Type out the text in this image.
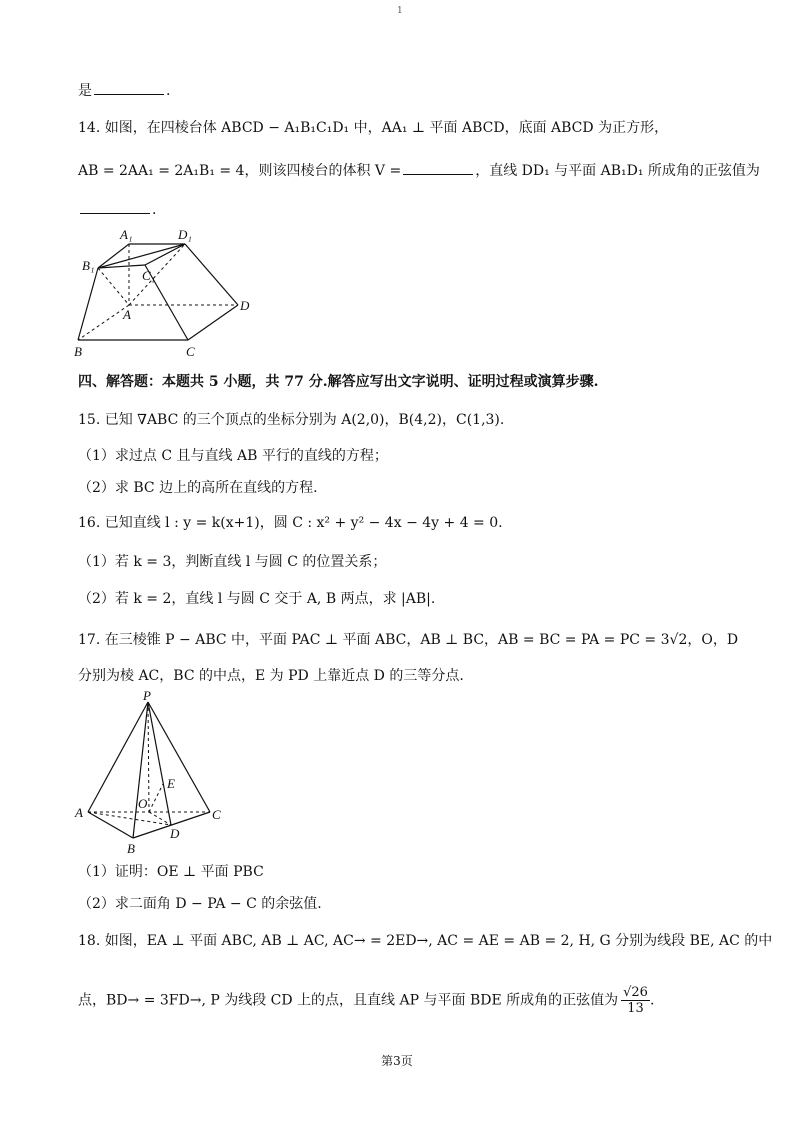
1
是	.
14. 如图，在四棱台体 ABCD − A₁B₁C₁D₁ 中，AA₁ ⊥ 平面 ABCD，底面 ABCD 为正方形，
AB = 2AA₁ = 2A₁B₁ = 4，则该四棱台的体积 V =	，直线 DD₁ 与平面 AB₁D₁ 所成角的正弦值为
.
A₁	D₁
B₁
C₁
A
D
B	C
四、解答题：本题共 5 小题，共 77 分.解答应写出文字说明、证明过程或演算步骤.
15. 已知 ∇ABC 的三个顶点的坐标分别为 A(2,0)，B(4,2)，C(1,3).
（1）求过点 C 且与直线 AB 平行的直线的方程；
（2）求 BC 边上的高所在直线的方程.
16. 已知直线 l : y = k(x+1)，圆 C : x² + y² − 4x − 4y + 4 = 0.
（1）若 k = 3，判断直线 l 与圆 C 的位置关系；
（2）若 k = 2，直线 l 与圆 C 交于 A, B 两点，求 |AB|.
17. 在三棱锥 P − ABC 中，平面 PAC ⊥ 平面 ABC，AB ⊥ BC，AB = BC = PA = PC = 3√2，O，D
分别为棱 AC，BC 的中点，E 为 PD 上靠近点 D 的三等分点.
P
E
O
A	C
D
B
（1）证明：OE ⊥ 平面 PBC
（2）求二面角 D − PA − C 的余弦值.
18. 如图，EA ⊥ 平面 ABC, AB ⊥ AC, AC→ = 2ED→, AC = AE = AB = 2, H, G 分别为线段 BE, AC 的中
点，BD→ = 3FD→, P 为线段 CD 上的点，且直线 AP 与平面 BDE 所成角的正弦值为 $\frac{√26}{13}$ .
第3页
